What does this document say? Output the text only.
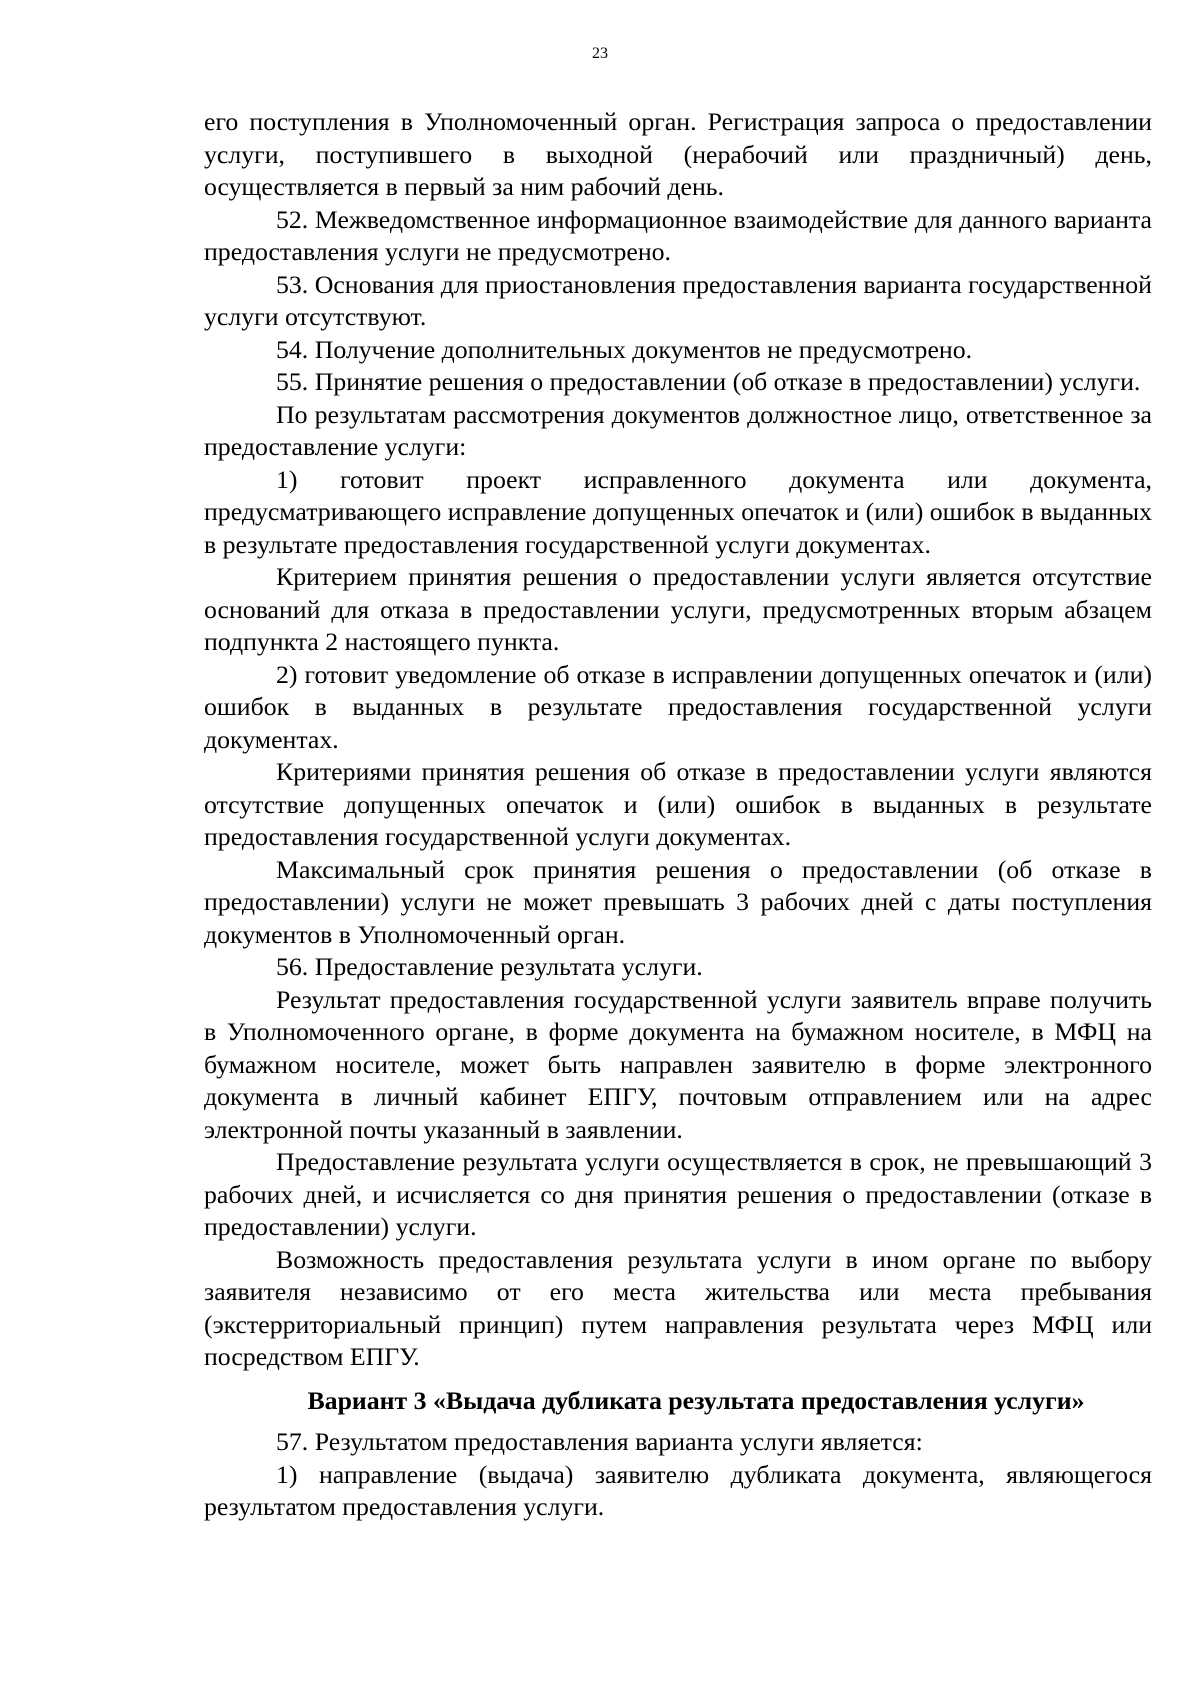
23

его поступления в Уполномоченный орган. Регистрация запроса о предоставлении услуги, поступившего в выходной (нерабочий или праздничный) день, осуществляется в первый за ним рабочий день.

52. Межведомственное информационное взаимодействие для данного варианта предоставления услуги не предусмотрено.

53. Основания для приостановления предоставления варианта государственной услуги отсутствуют.

54. Получение дополнительных документов не предусмотрено.

55. Принятие решения о предоставлении (об отказе в предоставлении) услуги.

По результатам рассмотрения документов должностное лицо, ответственное за предоставление услуги:

1) готовит проект исправленного документа или документа, предусматривающего исправление допущенных опечаток и (или) ошибок в выданных в результате предоставления государственной услуги документах.

Критерием принятия решения о предоставлении услуги является отсутствие оснований для отказа в предоставлении услуги, предусмотренных вторым абзацем подпункта 2 настоящего пункта.

2) готовит уведомление об отказе в исправлении допущенных опечаток и (или) ошибок в выданных в результате предоставления государственной услуги документах.

Критериями принятия решения об отказе в предоставлении услуги являются отсутствие допущенных опечаток и (или) ошибок в выданных в результате предоставления государственной услуги документах.

Максимальный срок принятия решения о предоставлении (об отказе в предоставлении) услуги не может превышать 3 рабочих дней с даты поступления документов в Уполномоченный орган.

56. Предоставление результата услуги.

Результат предоставления государственной услуги заявитель вправе получить в Уполномоченного органе, в форме документа на бумажном носителе, в МФЦ на бумажном носителе, может быть направлен заявителю в форме электронного документа в личный кабинет ЕПГУ, почтовым отправлением или на адрес электронной почты указанный в заявлении.

Предоставление результата услуги осуществляется в срок, не превышающий 3 рабочих дней, и исчисляется со дня принятия решения о предоставлении (отказе в предоставлении) услуги.

Возможность предоставления результата услуги в ином органе по выбору заявителя независимо от его места жительства или места пребывания (экстерриториальный принцип) путем направления результата через МФЦ или посредством ЕПГУ.

Вариант 3 «Выдача дубликата результата предоставления услуги»

57. Результатом предоставления варианта услуги является:

1) направление (выдача) заявителю дубликата документа, являющегося результатом предоставления услуги.
